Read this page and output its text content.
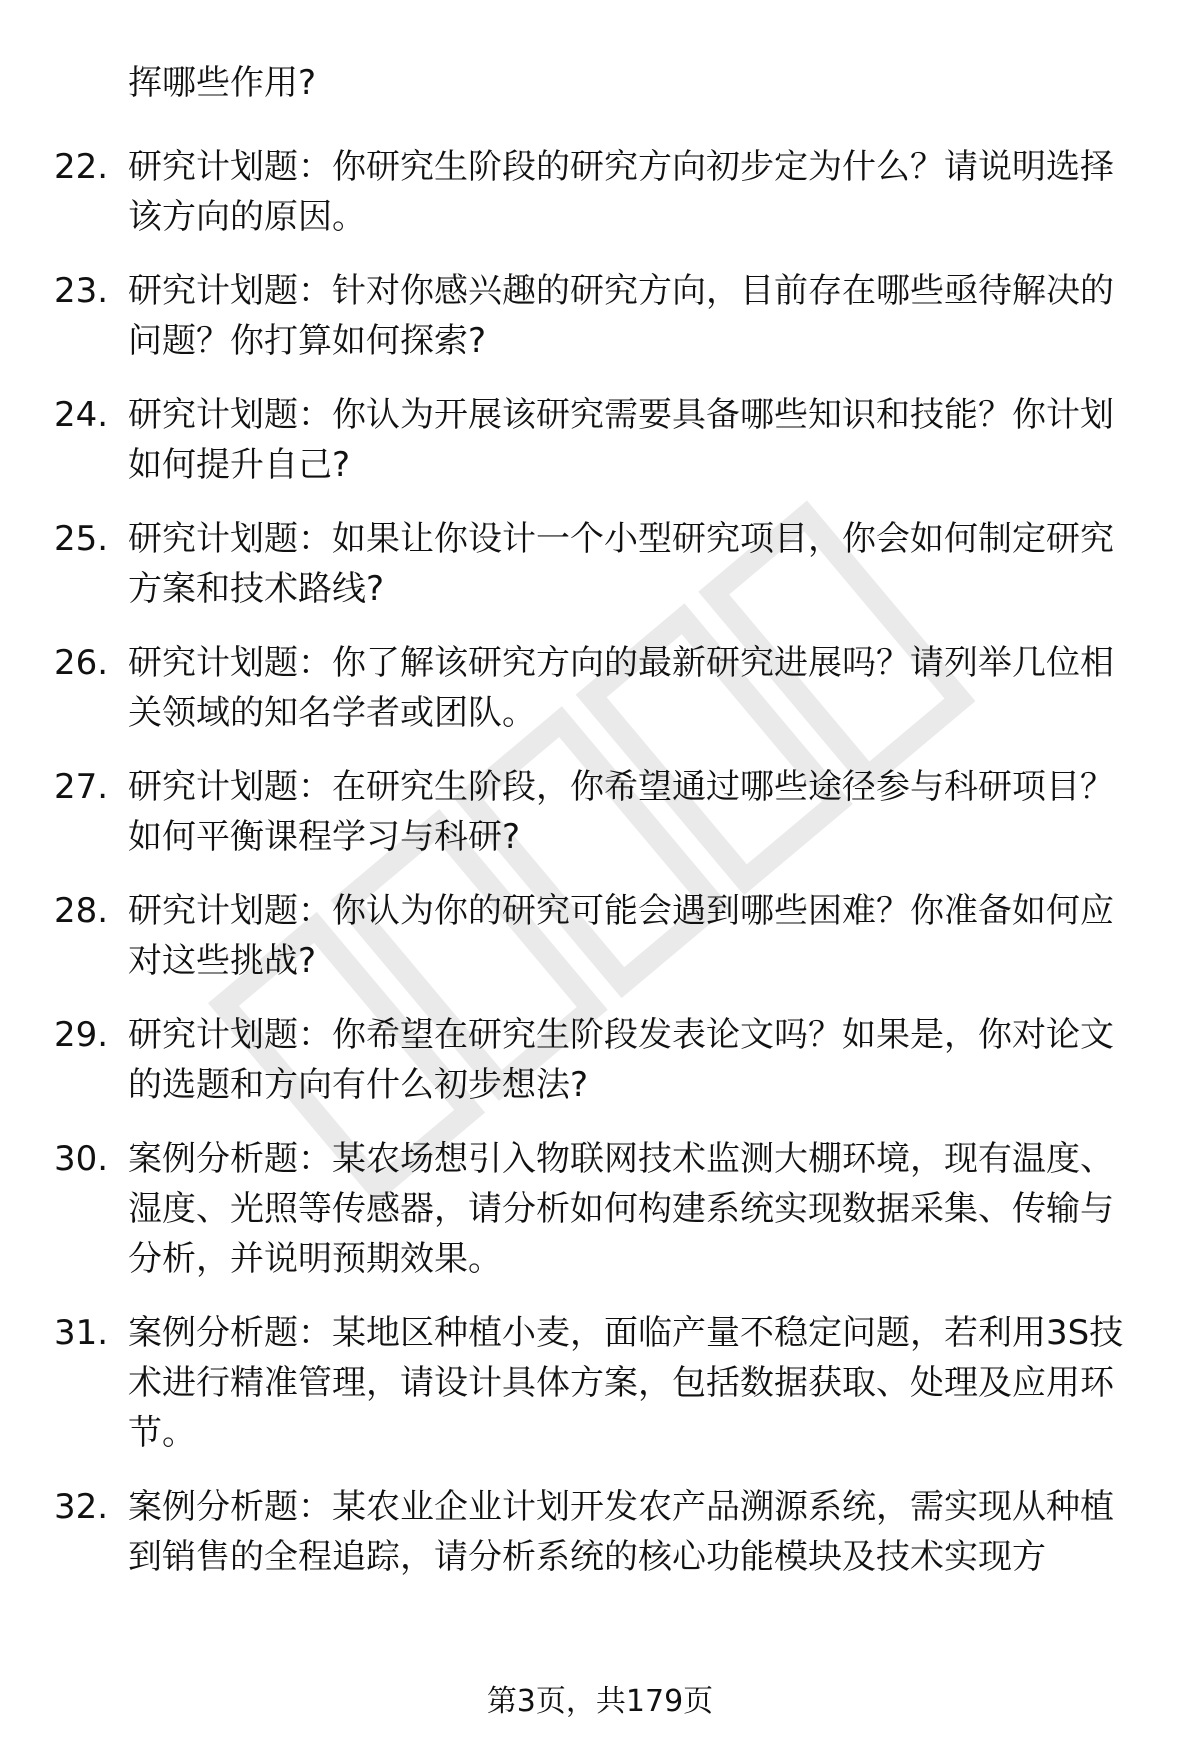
挥哪些作用?

22. 研究计划题：你研究生阶段的研究方向初步定为什么？请说明选择该方向的原因。
23. 研究计划题：针对你感兴趣的研究方向，目前存在哪些亟待解决的问题？你打算如何探索?
24. 研究计划题：你认为开展该研究需要具备哪些知识和技能？你计划如何提升自己?
25. 研究计划题：如果让你设计一个小型研究项目，你会如何制定研究方案和技术路线?
26. 研究计划题：你了解该研究方向的最新研究进展吗？请列举几位相关领域的知名学者或团队。
27. 研究计划题：在研究生阶段，你希望通过哪些途径参与科研项目？如何平衡课程学习与科研?
28. 研究计划题：你认为你的研究可能会遇到哪些困难？你准备如何应对这些挑战?
29. 研究计划题：你希望在研究生阶段发表论文吗？如果是，你对论文的选题和方向有什么初步想法?
30. 案例分析题：某农场想引入物联网技术监测大棚环境，现有温度、湿度、光照等传感器，请分析如何构建系统实现数据采集、传输与分析，并说明预期效果。
31. 案例分析题：某地区种植小麦，面临产量不稳定问题，若利用3S技术进行精准管理，请设计具体方案，包括数据获取、处理及应用环节。
32. 案例分析题：某农业企业计划开发农产品溯源系统，需实现从种植到销售的全程追踪，请分析系统的核心功能模块及技术实现方
第3页，共179页
